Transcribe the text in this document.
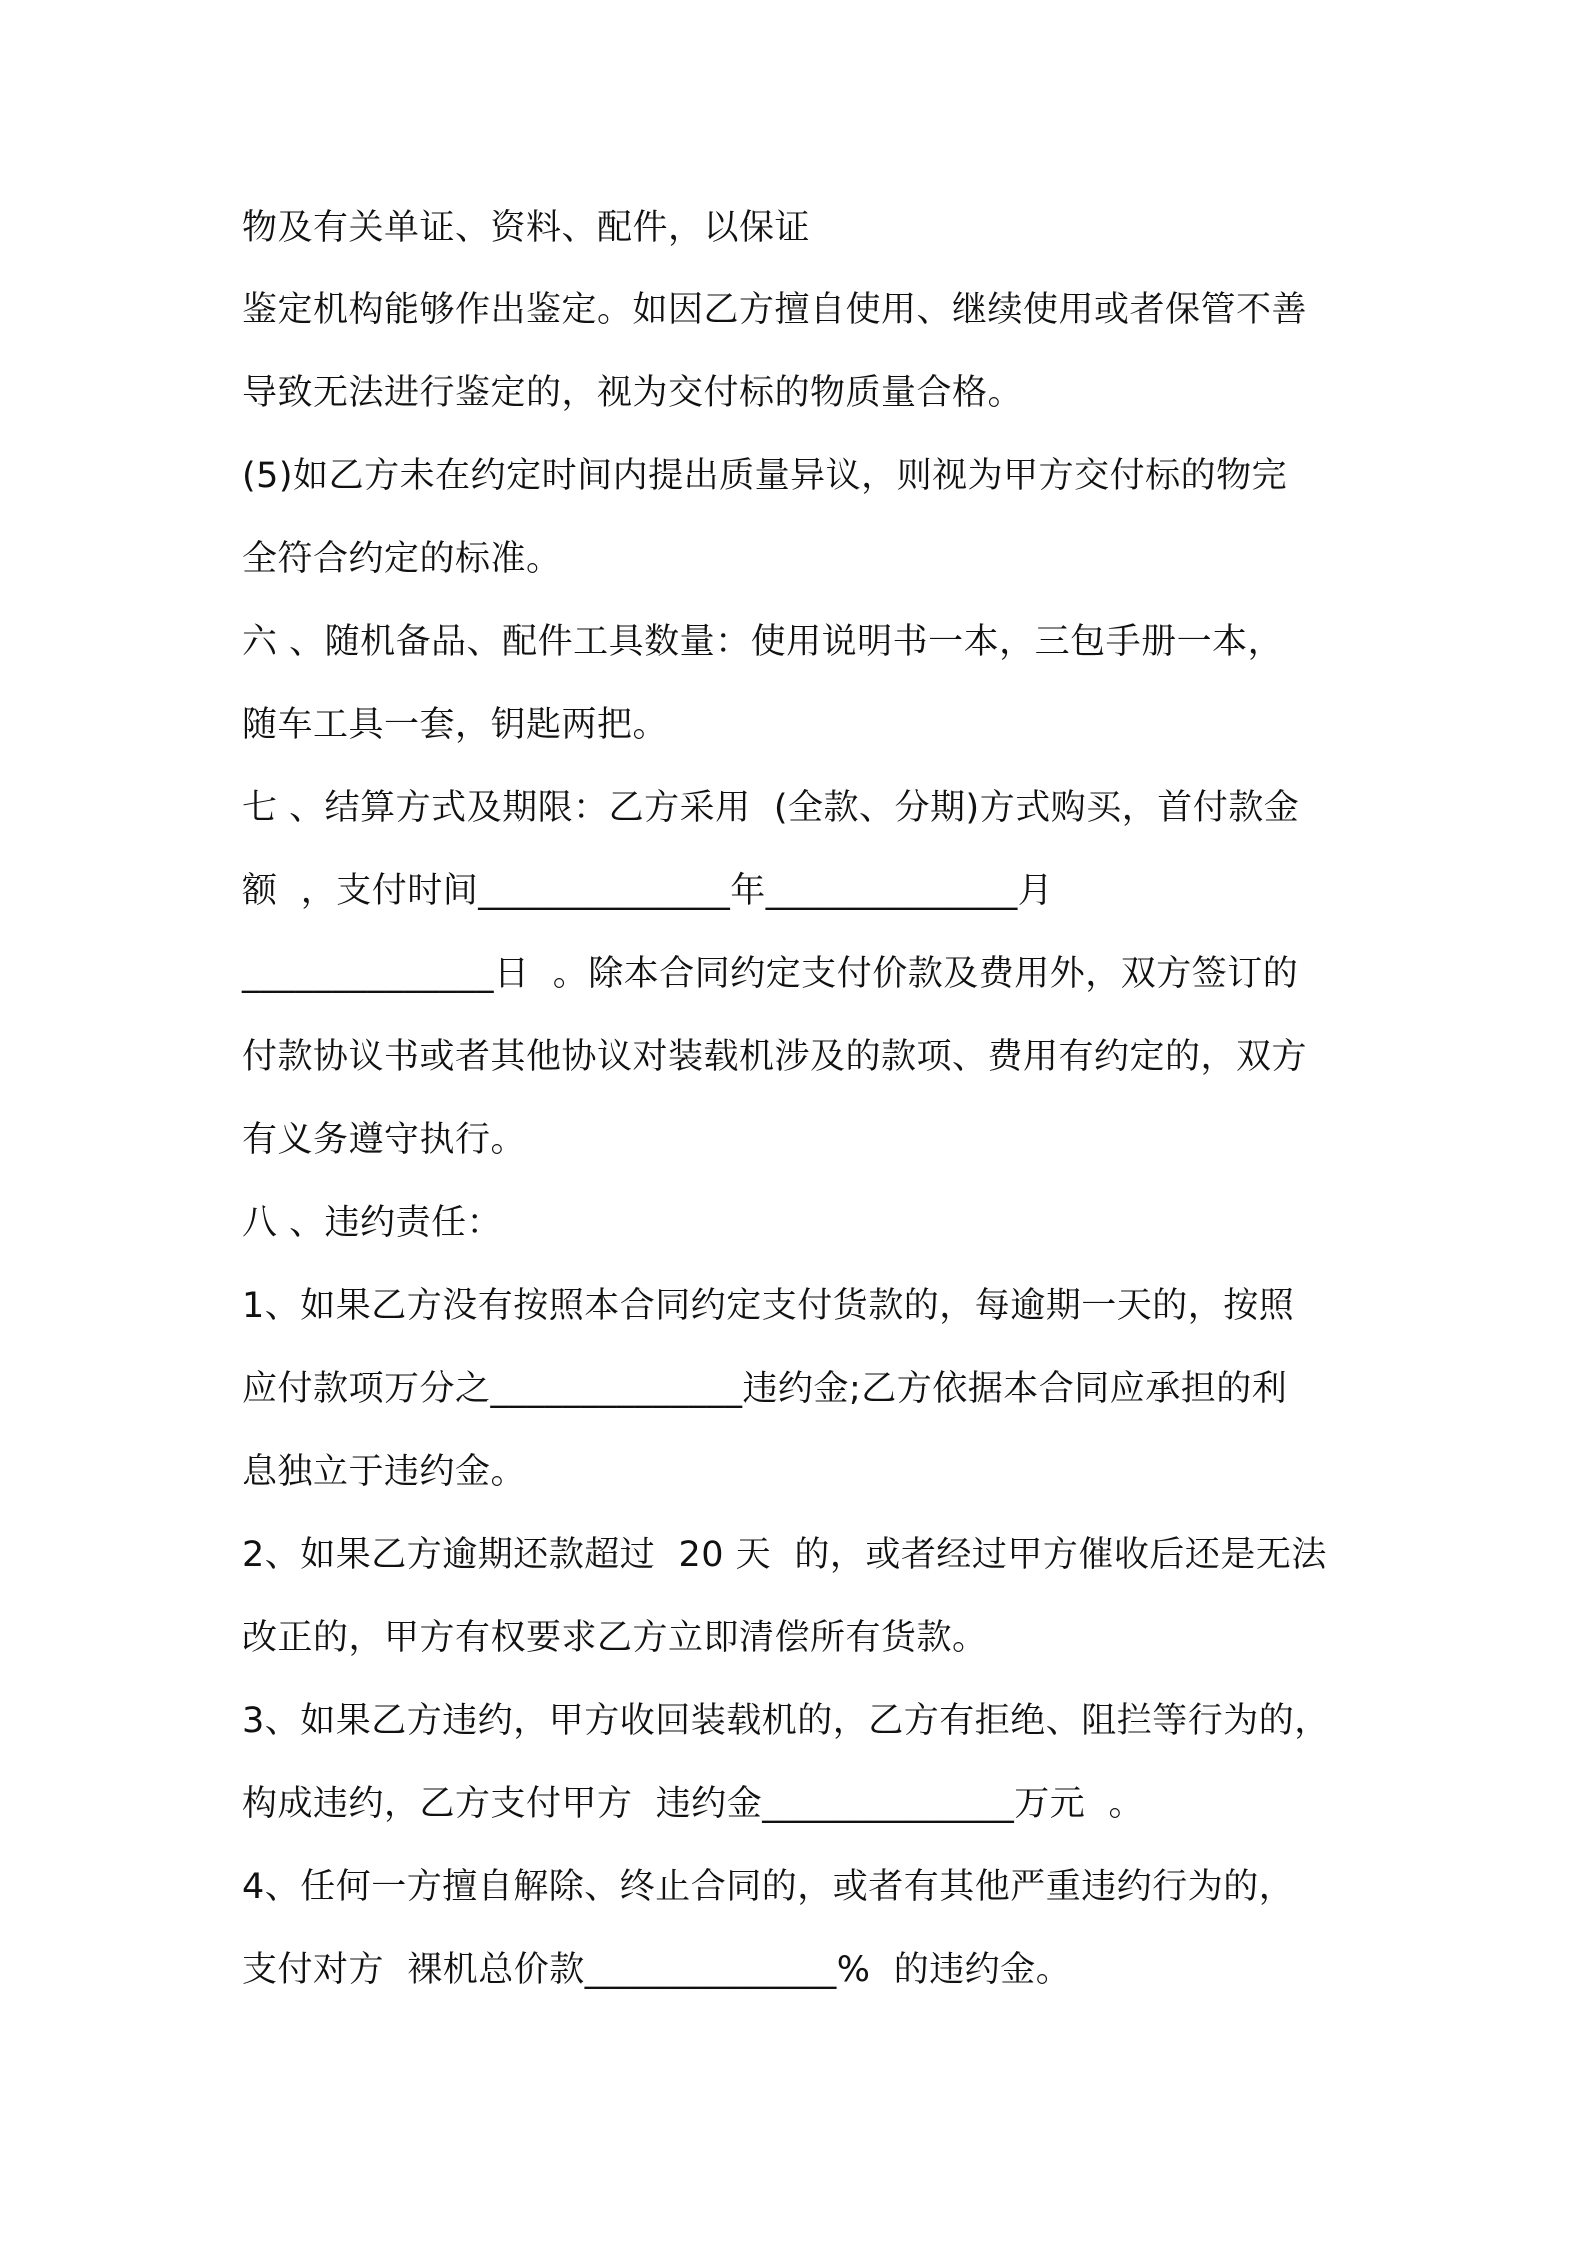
物及有关单证、资料、配件，以保证
鉴定机构能够作出鉴定。如因乙方擅自使用、继续使用或者保管不善
导致无法进行鉴定的，视为交付标的物质量合格。
(5)如乙方未在约定时间内提出质量异议，则视为甲方交付标的物完
全符合约定的标准。
六 、随机备品、配件工具数量：使用说明书一本，三包手册一本，
随车工具一套，钥匙两把。
七 、结算方式及期限：乙方采用  (全款、分期)方式购买，首付款金
额  ，支付时间______________年______________月
______________日  。除本合同约定支付价款及费用外，双方签订的
付款协议书或者其他协议对装载机涉及的款项、费用有约定的，双方
有义务遵守执行。
八 、违约责任：
1、如果乙方没有按照本合同约定支付货款的，每逾期一天的，按照
应付款项万分之______________违约金;乙方依据本合同应承担的利
息独立于违约金。
2、如果乙方逾期还款超过  20 天  的，或者经过甲方催收后还是无法
改正的，甲方有权要求乙方立即清偿所有货款。
3、如果乙方违约，甲方收回装载机的，乙方有拒绝、阻拦等行为的，
构成违约，乙方支付甲方  违约金______________万元  。
4、任何一方擅自解除、终止合同的，或者有其他严重违约行为的，
支付对方  裸机总价款______________%  的违约金。
